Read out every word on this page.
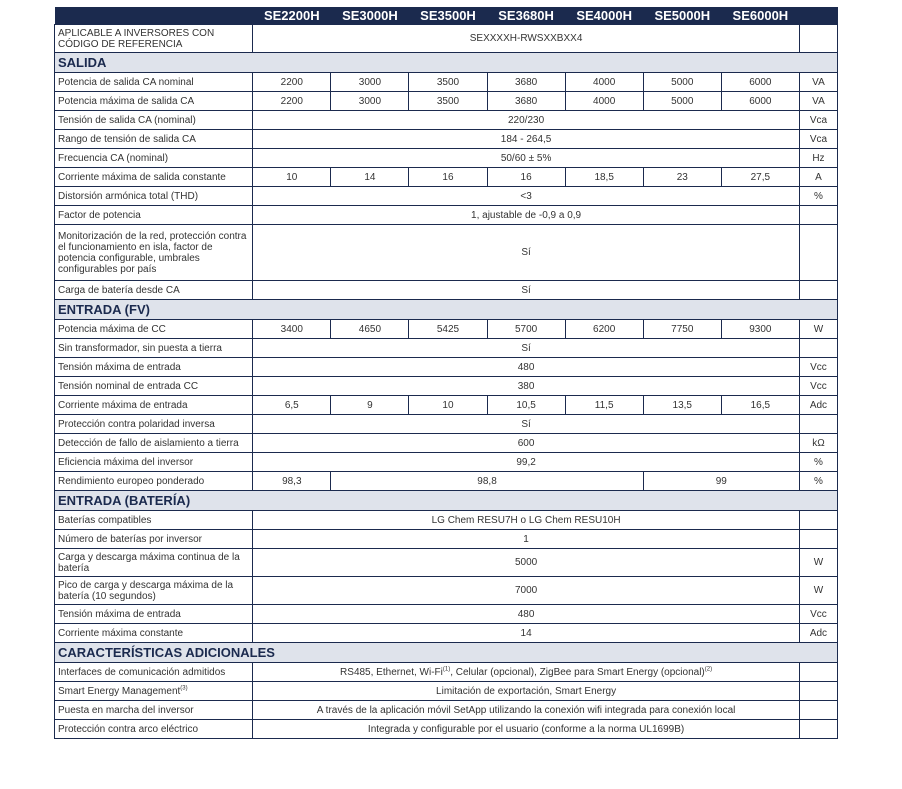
	SE2200H	SE3000H	SE3500H	SE3680H	SE4000H	SE5000H	SE6000H	
APLICABLE A INVERSORES CON CÓDIGO DE REFERENCIA	SEXXXXH-RWSXXBXX4							
SALIDA								
Potencia de salida CA nominal	2200	3000	3500	3680	4000	5000	6000	VA
Potencia máxima de salida CA	2200	3000	3500	3680	4000	5000	6000	VA
Tensión de salida CA (nominal)	220/230							Vca
Rango de tensión de salida CA	184 - 264,5							Vca
Frecuencia CA (nominal)	50/60 ± 5%							Hz
Corriente máxima de salida constante	10	14	16	16	18,5	23	27,5	A
Distorsión armónica total (THD)	<3							%
Factor de potencia	1, ajustable de -0,9 a 0,9							
Monitorización de la red, protección contra el funcionamiento en isla, factor de potencia configurable, umbrales configurables por país	Sí							
Carga de batería desde CA	Sí							
ENTRADA (FV)								
Potencia máxima de CC	3400	4650	5425	5700	6200	7750	9300	W
Sin transformador, sin puesta a tierra	Sí							
Tensión máxima de entrada	480							Vcc
Tensión nominal de entrada CC	380							Vcc
Corriente máxima de entrada	6,5	9	10	10,5	11,5	13,5	16,5	Adc
Protección contra polaridad inversa	Sí							
Detección de fallo de aislamiento a tierra	600							kΩ
Eficiencia máxima del inversor	99,2							%
Rendimiento europeo ponderado	98,3	98,8				99		%
ENTRADA (BATERÍA)								
Baterías compatibles	LG Chem RESU7H o LG Chem RESU10H							
Número de baterías por inversor	1							
Carga y descarga máxima continua de la batería	5000							W
Pico de carga y descarga máxima de la batería (10 segundos)	7000							W
Tensión máxima de entrada	480							Vcc
Corriente máxima constante	14							Adc
CARACTERÍSTICAS ADICIONALES								
Interfaces de comunicación admitidos	RS485, Ethernet, Wi-Fi$^{(1)}$, Celular (opcional), ZigBee para Smart Energy (opcional)$^{(2)}$	
Smart Energy Management$^{(3)}$	Limitación de exportación, Smart Energy							
Puesta en marcha del inversor	A través de la aplicación móvil SetApp utilizando la conexión wifi integrada para conexión local							
Protección contra arco eléctrico	Integrada y configurable por el usuario (conforme a la norma UL1699B)							
